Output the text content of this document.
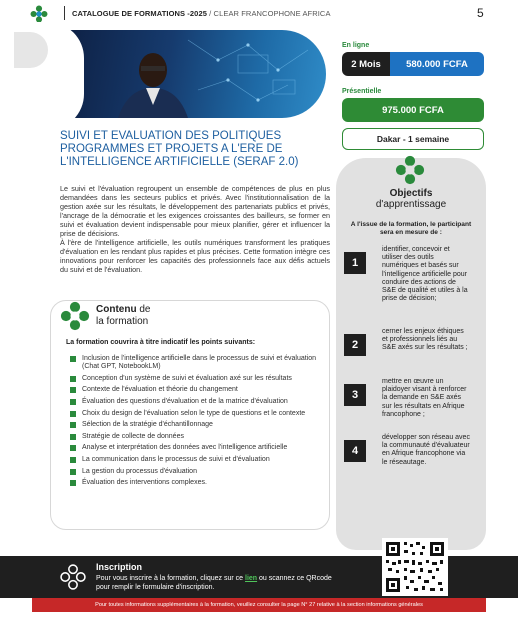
CATALOGUE DE FORMATIONS -2025 / CLEAR FRANCOPHONE AFRICA	5
En ligne
2 Mois	580.000 FCFA
Présentielle
975.000 FCFA
Dakar - 1 semaine
SUIVI ET EVALUATION DES POLITIQUES PROGRAMMES ET PROJETS A L'ERE DE L'INTELLIGENCE ARTIFICIELLE (SERAF 2.0)

Le suivi et l'évaluation regroupent un ensemble de compétences de plus en plus demandées dans les secteurs publics et privés. Avec l'institutionnalisation de la gestion axée sur les résultats, le développement des partenariats publics et privés, l'ancrage de la démocratie et les exigences croissantes des bailleurs, se former en suivi et évaluation devient indispensable pour mieux planifier, gérer et influencer la prise de décisions.

À l'ère de l'intelligence artificielle, les outils numériques transforment les pratiques d'évaluation en les rendant plus rapides et plus précises. Cette formation intègre ces innovations pour renforcer les capacités des professionnels face aux défis actuels du suivi et de l'évaluation.

Objectifs
d'apprentissage
A l'issue de la formation, le participant sera en mesure de :
1
identifier, concevoir et utiliser des outils numériques et basés sur l'intelligence artificielle pour conduire des actions de S&E de qualité et utiles à la prise de décision;
2
cerner les enjeux éthiques et professionnels liés au S&E axés sur les résultats ;
3
mettre en œuvre un plaidoyer visant à renforcer la demande en S&E axés sur les résultats en Afrique francophone ;
4
développer son réseau avec la communauté d'évaluateur en Afrique francophone via le réseautage.
Contenu de
la formation
La formation couvrira à titre indicatif les points suivants:
Inclusion de l'intelligence artificielle dans le processus de suivi et évaluation (Chat GPT, NotebookLM)
Conception d'un système de suivi et évaluation axé sur les résultats
Contexte de l'évaluation et théorie du changement
Évaluation des questions d'évaluation et de la matrice d'évaluation
Choix du design de l'évaluation selon le type de questions et le contexte
Sélection de la stratégie d'échantillonnage
Stratégie de collecte de données
Analyse et interprétation des données avec l'intelligence artificielle
La communication dans le processus de suivi et d'évaluation
La gestion du processus d'évaluation
Évaluation des interventions complexes.
Inscription
Pour vous inscrire à la formation, cliquez sur ce lien ou scannez ce QRcode pour remplir le formulaire d'inscription.
Pour toutes informations supplémentaires à la formation, veuillez consulter la page N° 27 relative à la section informations générales
